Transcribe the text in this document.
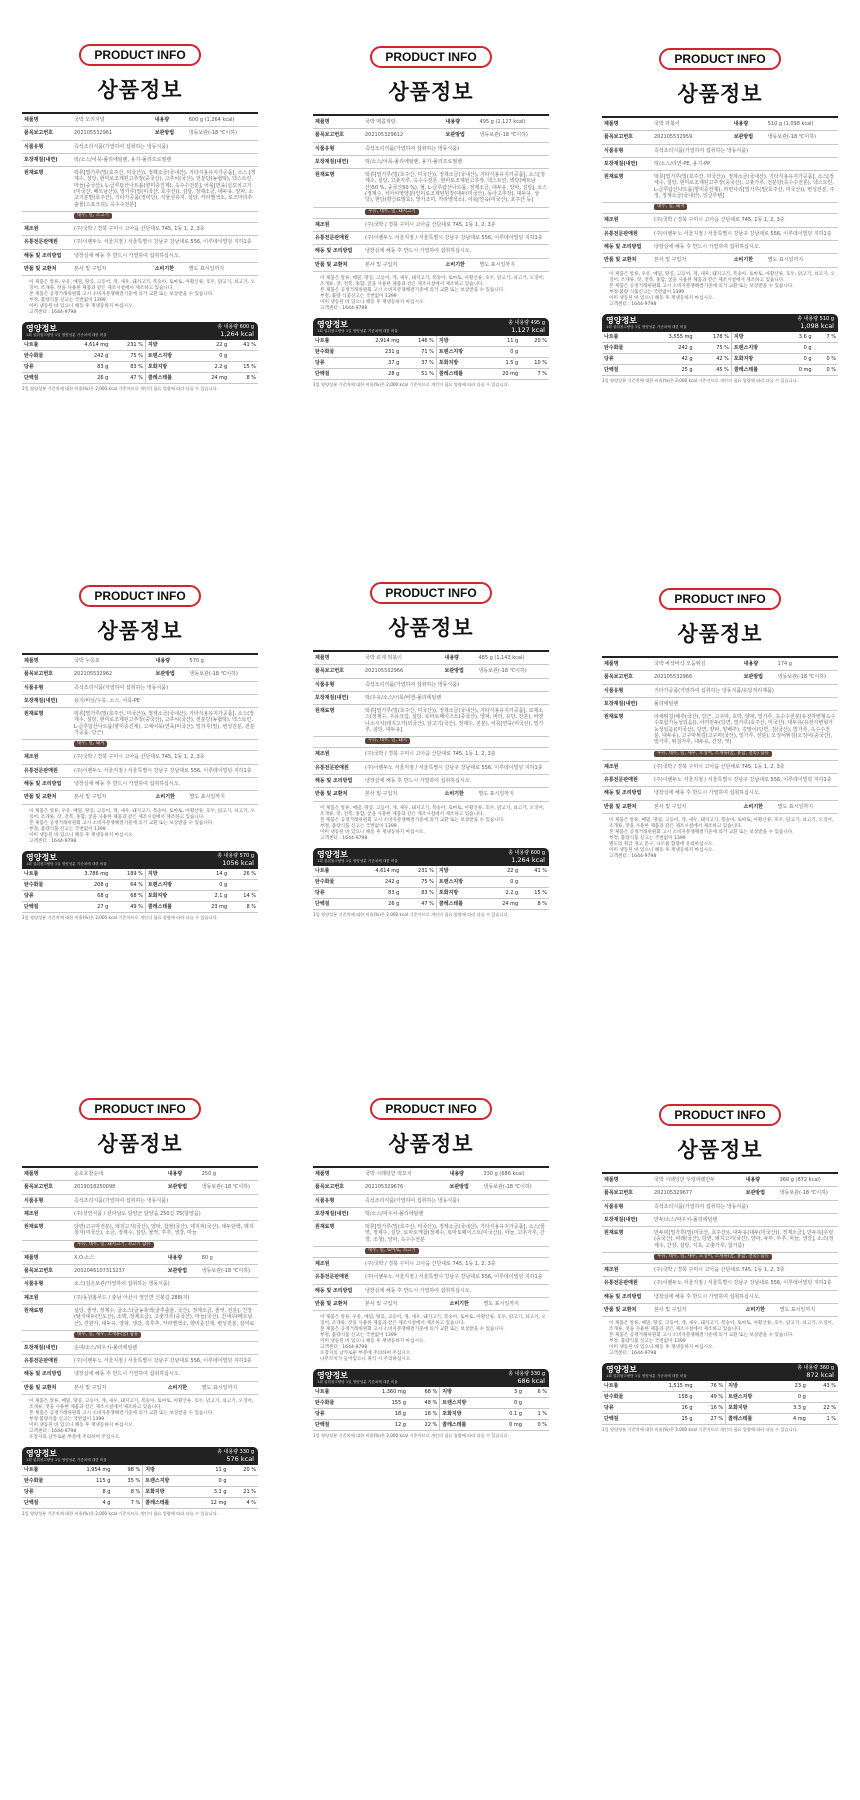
PRODUCT INFO
상품정보
제품명	국박 오리지널	내용량	600 g (1,264 kcal)
품목보고번호	202105532961	보관방법	냉동보관(-18 ℃이하)
식품유형	즉석조리식품(가열하여 섭취하는 냉동식품)		
포장재질(내면)	떡/소스/어묵-폴리에틸렌, 용기-폴리프로필렌		
원재료명	떡류[밀가루(밀(호주산, 미국산)), 정제소금(국내산), 기타식용유지가공품], 소스 [정제수, 설탕, 현미로조제된고추장(중국산), 고추씨(국산), 전분당(농협떡), 덱스트린, 마늘(중국산), L-글루탐산나트륨(향미증진제), 옥수수전분], 어묵[연육(실꼬치고기(미국산, 베트남산)), 밀가루(밀(미국산, 호주산)), 설탕, 정제소금, 대두유, 양파, 소고기분말(호주산), 기타가공품(정미당), 식물성유지, 설탕, 카라멜색소, 로즈마리추출물(스포크리), 옥수수전분]		
	대두, 밀, 소고기		
제조원	(주)국박 / 경북 구미시 고아읍 산단대로 745, 1동 1, 2, 3층		
유통전문판매원	(주)이렌두노 서울지점 / 서울특별시 강남구 강남대로 556, 이루데이빌딩 지하1층		
해동 및 조리방법	냉장실에 해동 후 반드시 가열하여 섭취하십시오.		
반품 및 교환처	본사 및 구입처	소비기한	별도 표시일까지
• 이 제품은 알류, 우유, 메밀, 땅콩, 고등어, 게, 새우, 돼지고기, 복숭아, 토마토, 아황산류, 호두, 닭고기, 쇠고기, 오징어, 조개류, 잣을 사용한 제품과 같은 제조시설에서 제조하고 있습니다.
• 본 제품은 공정거래위원회 고시 소비자분쟁해결기준에 의거 교환 또는 보상받을 수 있습니다.
• 부정, 불량식품 신고는 국번없이 1399
• 이미 냉동된 바 있으니 해동 후 재냉동하지 마십시오.
• 고객센터 : 1644-9798
영양정보
1회 섭취참고량당 1일 영양성분 기준치에 대한 비율
총 내용량 600 g
1,264 kcal
나트륨	4,614 mg	231 %	지방	22 g	41 %
탄수화물	242 g	75 %	트랜스지방	0 g	
당류	83 g	83 %	포화지방	2.2 g	15 %
단백질	26 g	47 %	콜레스테롤	24 mg	8 %
1일 영양성분 기준치에 대한 비율(%)은 2,000 kcal 기준이므로 개인의 필요 열량에 따라 다를 수 있습니다.
PRODUCT INFO
상품정보
제품명	국박 매콤제랑	내용량	495 g (1,127 kcal)
품목보고번호	202105329612	보관방법	냉동보관(-18 ℃이하)
식품유형	즉석조리식품(가열하여 섭취하는 냉동식품)		
포장재질(내면)	떡/소스/어묵-폴리에틸렌, 용기-폴리프로필렌		
원재료명	떡류[밀가루(밀(호주산, 미국산)), 정제소금(국내산), 기타식용유지가공품], 소스[정제수, 설탕, 고춧가루, 옥수수전분, 현미로조제된고추장, 덱스트린, 벽당(배트남산)50 %, 중국산50 %), 혈, L-글루탐산나트륨, 정제소금, 대두유, 양파, 설탕], 소스(정제수, 치아씨영양분(인미로조제된된장(대두(미국산), 동아고추장), 대두유, 상당), 현당(향신료발효), 맛가조미, 카라멜색소), 어묵[연육(미국산), 호주산 등]		
	우유, 대두, 밀, 돼지고기		
제조원	(주)국박 / 경북 구미시 고아읍 산단대로 745, 1동 1, 2, 3층		
유통전문판매원	(주)이렌두노 서울지점 / 서울특별시 강남구 강남대로 556, 이루데이빌딩 지하1층		
해동 및 조리방법	냉장실에 해동 후 반드시 가열하여 섭취하십시오.		
반품 및 교환처	본사 및 구입처	소비기한	별도 표시일까지
• 이 제품은 알류, 메밀, 땅콩, 고등어, 게, 새우, 돼지고기, 복숭아, 토마토, 아황산류, 호두, 닭고기, 쇠고기, 오징어, 조개류, 잣, 전복, 홍합, 굴을 사용한 제품과 같은 제조시설에서 제조하고 있습니다.
• 본 제품은 공정거래위원회 고시 소비자분쟁해결기준에 의거 교환 또는 보상받을 수 있습니다.
• 부정, 불량 식품신고는 국번없이 1399
• 이미 냉동된 바 있으니 해동 후 재냉동하지 마십시오.
• 고객센터 : 1644-9798
영양정보
1회 섭취참고량당 1일 영양성분 기준치에 대한 비율
총 내용량 495 g
1,127 kcal
나트륨	2,914 mg	146 %	지방	11 g	20 %
탄수화물	231 g	71 %	트랜스지방	0 g	
당류	37 g	37 %	포화지방	1.5 g	10 %
단백질	28 g	51 %	콜레스테롤	20 mg	7 %
1일 영양성분 기준치에 대한 비율(%)은 2,000 kcal 기준이므로 개인의 필요 열량에 따라 다를 수 있습니다.
PRODUCT INFO
상품정보
제품명	국박 라볶이	내용량	510 g (1,098 kcal)
품목보고번호	202105532959	보관방법	냉동보관(-18 ℃이하)
식품유형	즉석조리식품(가열하여 섭취하는 냉동식품)		
포장재질(내면)	떡/소스/라면-PE, 용기-PP		
원재료명	떡류[밀가루(밀(호주산, 미국산)), 정제소금(국내산), 기타식용유지가공품], 소스[정제수, 설탕, 현미로조제된고추장(중국산), 고춧가루, 전분당(옥수수전분), 덱스트린, L-글루탐산나트륨(향미증진제), 라면사리[밀가루(밀(호주산, 미국산)), 변성전분, 주정, 정제소금(국내산), 일글루텐]		
	대두, 밀, 돼지		
제조원	(주)국박 / 경북 구미시 고아읍 산단대로 745, 1동 1, 2, 3층		
유통전문판매원	(주)이렌두노 서울지점 / 서울특별시 강남구 강남대로 556, 이루데이빌딩 지하1층		
해동 및 조리방법	냉장실에 해동 후 반드시 가열하여 섭취하십시오.		
반품 및 교환처	본사 및 구입처	소비기한	별도 표시일까지
• 이 제품은 알류, 우유, 메밀, 땅콩, 고등어, 게, 새우, 돼지고기, 복숭아, 토마토, 아황산류, 호두, 닭고기, 쇠고기, 오징어, 조개류, 잣, 전복, 홍합, 굴을 사용한 제품과 같은 제조시설에서 제조하고 있습니다.
• 본 제품은 공정거래위원회 고시 소비자분쟁해결기준에 의거 교환 또는 보상받을 수 있습니다.
• 부정·불량 식품신고는 국번없이 1399
• 이미 냉동된 바 있으니 해동 후 재냉동하지 마십시오.
• 고객센터 : 1644-9798
영양정보
1회 섭취참고량당 1일 영양성분 기준치에 대한 비율
총 내용량 510 g
1,098 kcal
나트륨	3,555 mg	178 %	지방	3.6 g	7 %
탄수화물	242 g	75 %	트랜스지방	0 g	
당류	42 g	42 %	포화지방	0 g	0 %
단백질	25 g	45 %	콜레스테롤	0 mg	0 %
1일 영양성분 기준치에 대한 비율(%)은 2,000 kcal 기준이므로 개인의 필요 열량에 따라 다를 수 있습니다.
PRODUCT INFO
상품정보
제품명	국박 누룽포	내용량	570 g
품목보고번호	202105532962	보관방법	냉동보관(-18 ℃이하)
식품유형	즉석조리식품(가열하여 섭취하는 냉동식품)		
포장재질(내면)	용기/비닐/누룽, 소스, 어묵-PE		
원재료명	떡류[밀가루(밀(호주산, 미국산)), 정제소금(국내산), 기타식용유지가공품], 소스(정제수, 설탕, 현미로조제된고추장(중국산), 고추씨(국산), 전분당(농협떡), 덱스트린, L-글루탐산나트륨(향미증진제), 고체어묵(연육(미국산), 밀가루(밀), 변성전분, 전분가공품, 당근)		
	대두, 밀, 돼지		
제조원	(주)국박 / 경북 구미시 고아읍 산단대로 745, 1동 1, 2, 3층		
유통전문판매원	(주)이렌두노 서울지점 / 서울특별시 강남구 강남대로 556, 이루데이빌딩 지하1층		
해동 및 조리방법	냉장실에 해동 후 반드시 가열하여 섭취하십시오.		
반품 및 교환처	본사 및 구입처	소비기한	별도 표시일까지
• 이 제품은 알류, 우유, 메밀, 땅콩, 고등어, 게, 새우, 돼지고기, 복숭아, 토마토, 아황산류, 호두, 닭고기, 쇠고기, 오징어, 조개류, 잣, 전복, 홍합, 굴을 사용한 제품과 같은 제조시설에서 제조하고 있습니다.
• 본 제품은 공정거래위원회 고시 소비자분쟁해결기준에 의거 교환 또는 보상받을 수 있습니다.
• 부정, 불량식품 신고는 국번없이 1399
• 이미 냉동된 바 있으니 해동 후 재냉동하지 마십시오.
• 고객센터 : 1644-9798
영양정보
1회 섭취참고량당 1일 영양성분 기준치에 대한 비율
총 내용량 570 g
1056 kcal
나트륨	3,786 mg	189 %	지방	14 g	26 %
탄수화물	208 g	64 %	트랜스지방	0 g	
당류	68 g	68 %	포화지방	2.1 g	14 %
단백질	27 g	49 %	콜레스테롤	23 mg	8 %
1일 영양성분 기준치에 대한 비율(%)은 2,000 kcal 기준이므로 개인의 필요 열량에 따라 다를 수 있습니다.
PRODUCT INFO
상품정보
제품명	국박 로제 떡볶이	내용량	485 g (1,143 kcal)
품목보고번호	202105532966	보관방법	냉동보관(-18 ℃이하)
식품유형	즉석조리식품(가열하여 섭취하는 냉동식품)		
포장재질(내면)	떡/우유/소스/어묵/비엔-폴리에틸렌		
원재료명	떡류[밀가루(밀(호주산, 미국산)), 정제소금(국내산), 기타식용유지가공품], 로제소스(정제수, 우유크림, 설탕, 토마토페이스트(중국산), 양파, 버터, 유당, 전분), 비엔나소시지(돼지고기(외국산), 닭고기(국산), 정제수, 전분), 어묵[연육(미국산), 밀가루, 설탕, 대두유]		
	우유, 대두, 밀, 돼지		
제조원	(주)국박 / 경북 구미시 고아읍 산단대로 745, 1동 1, 2, 3층		
유통전문판매원	(주)이렌두노 서울지점 / 서울특별시 강남구 강남대로 556, 이루데이빌딩 지하1층		
해동 및 조리방법	냉장실에 해동 후 반드시 가열하여 섭취하십시오.		
반품 및 교환처	본사 및 구입처	소비기한	별도 표시일까지
• 이 제품은 알류, 메밀, 땅콩, 고등어, 게, 새우, 돼지고기, 복숭아, 토마토, 아황산류, 호두, 닭고기, 쇠고기, 오징어, 조개류, 잣, 전복, 홍합, 굴을 사용한 제품과 같은 제조시설에서 제조하고 있습니다.
• 본 제품은 공정거래위원회 고시 소비자분쟁해결기준에 의거 교환 또는 보상받을 수 있습니다.
• 부정, 불량식품 신고는 국번없이 1399
• 이미 냉동된 바 있으니 해동 후 재냉동하지 마십시오.
• 고객센터 : 1644-9798
영양정보
1회 섭취참고량당 1일 영양성분 기준치에 대한 비율
총 내용량 600 g
1,264 kcal
나트륨	4,614 mg	231 %	지방	22 g	41 %
탄수화물	242 g	75 %	트랜스지방	0 g	
당류	83 g	83 %	포화지방	2.2 g	15 %
단백질	26 g	47 %	콜레스테롤	24 mg	8 %
1일 영양성분 기준치에 대한 비율(%)은 2,000 kcal 기준이므로 개인의 필요 열량에 따라 다를 수 있습니다.
PRODUCT INFO
상품정보
제품명	국박 바삭바삭 모둠튀김	내용량	174 g
품목보고번호	202105532966	보관방법	냉동보관(-18 ℃이하)
식품유형	기타가공품(가열하여 섭취하는 냉동식품/유탕처리제품)		
포장재질(내면)	폴리에틸렌		
원재료명	야채튀김(배추(국산), 당근, 고구마, 호박, 양파, 밀가루, 옥수수전분(유전자변형옥수수포함가능성있음)), 야끼만두(당면, 밀가루(호주산, 미국산), 대두유(유전자변형가능성있음)(미국산), 당면, 양파, 양배추), 김말이(당면, 김(국산), 밀가루, 옥수수전분, 대두유), 고구마튀김(고구마(국산), 밀가루, 전분), 오징어튀김(오징어(중국산), 밀가루, 튀김가루, 대두유, 간장, 엿)		
	우유, 대두, 밀, 새우, 오징어, 조개류(굴, 홍합, 전복) 함유		
제조원	(주)국박 / 경북 구미시 고아읍 산단대로 745, 1동 1, 2, 3층		
유통전문판매원	(주)이렌두노 서울지점 / 서울특별시 강남구 강남대로 556, 이루데이빌딩 지하1층		
해동 및 조리방법	냉장실에 해동 후 반드시 가열하여 섭취하십시오.		
반품 및 교환처	본사 및 구입처	소비기한	별도 표시일까지
• 이 제품은 알류, 메밀, 땅콩, 고등어, 게, 새우, 돼지고기, 복숭아, 토마토, 아황산류, 호두, 닭고기, 쇠고기, 오징어, 조개류, 잣을 사용한 제품과 같은 제조시설에서 제조하고 있습니다.
• 본 제품은 공정거래위원회 고시 소비자분쟁해결기준에 의거 교환 또는 보상받을 수 있습니다.
• 부정, 불량식품 신고는 국번없이 1399
• 별도의 취급 경고 문구, 나트륨 함량에 유의하십시오.
• 이미 냉동된 바 있으니 해동 후 재냉동하지 마십시오.
• 고객센터 : 1644-9798
PRODUCT INFO
상품정보
제품명	순호호찰순대	내용량	250 g
품목보고번호	2019018250098	보관방법	냉동보관(-18 ℃이하)
식품유형	즉석조리식품(가열하여 섭취하는 냉동식품)		
제조원	(주)성연식품 / 전라남도 담양군 담양읍 250길 75(담양읍)		
원재료명	당면(고구마전분), 돼지고기(국산), 양파, 찹쌀(국산), 돼지피(국산), 대두단백, 돼지창자(미국산), 소금, 정제수, 설탕, 물엿, 후추, 생강, 마늘		
	우유, 대두, 밀, 돼지고기, 쇠고기 함유		
제품명	X.O.소스	내용량	80 g
품목보고번호	2002046107313237	보관방법	냉동보관(-18 ℃이하)
식품유형	소스(실온보관/가열하여 섭취하는 냉동식품)		
제조원	(주)동원홈푸드 / 충남 아산시 영인면 신봉길 288(지)		
원재료명	설탕, 물엿, 정제수, 굴소스(굴농축액(굴추출물, 국산), 정제소금, 물엿, 전분), 간장(탈지대두(인도산), 소맥, 정제소금), 고춧가루(중국산), 마늘(국산), 건새우(베트남산), 건관자, 대두유, 양파, 생강, 흑후추, 카라멜색소, 향미증진제, 변성전분, 감미료		
	대두, 밀, 새우, 조개류(굴) 함유		
포장재질(내면)	순대/소스/파우치-폴리에틸렌		
유통전문판매원	(주)이렌두노 서울지점 / 서울특별시 강남구 강남대로 556, 이루데이빌딩 지하1층		
해동 및 조리방법	냉장실에 해동 후 반드시 가열하여 섭취하십시오.		
반품 및 교환처	본사 및 구입처	소비기한	별도 표시일까지
• 이 제품은 알류, 메밀, 땅콩, 고등어, 게, 새우, 돼지고기, 복숭아, 토마토, 아황산류, 호두, 닭고기, 쇠고기, 오징어, 조개류, 잣을 사용한 제품과 같은 제조시설에서 제조하고 있습니다.
• 본 제품은 공정거래위원회 고시 소비자분쟁해결기준에 의거 교환 또는 보상받을 수 있습니다.
• 부정 불량식품 신고는 국번없이 1399
• 이미 냉동된 바 있으니 해동 후 재냉동하지 마십시오.
• 고객센터 : 1644-9798
• 포장지의 날카로운 부분에 주의하여 주십시오.
영양정보
1회 섭취참고량당 1일 영양성분 기준치에 대한 비율
총 내용량 330 g
576 kcal
나트륨	1,954 mg	98 %	지방	11 g	20 %
탄수화물	115 g	35 %	트랜스지방	0 g	
당류	8 g	8 %	포화지방	3.1 g	21 %
단백질	4 g	7 %	콜레스테롤	12 mg	4 %
1일 영양성분 기준치에 대한 비율(%)은 2,000 kcal 기준이므로 개인의 필요 열량에 따라 다를 수 있습니다.
PRODUCT INFO
상품정보
제품명	국박 시래딩만 떡꼬치	내용량	330 g (686 kcal)
품목보고번호	202105329676	보관방법	냉동보관(-18 ℃이하)
식품유형	즉석조리식품(가열하여 섭취하는 냉동식품)		
포장재질(내면)	떡/소스/파우치-폴리에틸렌		
원재료명	떡류[밀가루(밀(호주산, 미국산)), 정제소금(국내산), 기타식용유지가공품], 소스(물엿, 정제수, 설탕, 토마토케찹(정제수, 토마토페이스트(미국산)), 마늘, 고추가루, 간장, 조청), 양파, 옥수수전분		
	대두, 밀, 토마토, 쇠고기		
제조원	(주)국박 / 경북 구미시 고아읍 산단대로 745, 1동 1, 2, 3층		
유통전문판매원	(주)이렌두노 서울지점 / 서울특별시 강남구 강남대로 556, 이루데이빌딩 지하1층		
해동 및 조리방법	냉장실에 해동 후 반드시 가열하여 섭취하십시오.		
반품 및 교환처	본사 및 구입처	소비기한	별도 표시일까지
• 이 제품은 알류, 우유, 메밀, 땅콩, 고등어, 게, 새우, 돼지고기, 복숭아, 토마토, 아황산류, 호두, 닭고기, 쇠고기, 오징어, 조개류, 잣을 사용한 제품과 같은 제조시설에서 제조하고 있습니다.
• 본 제품은 공정거래위원회 고시 소비자분쟁해결기준에 의거 교환 또는 보상받을 수 있습니다.
• 부정, 불량식품 신고는 국번없이 1399
• 이미 냉동된 바 있으니 해동 후 재냉동하지 마십시오.
• 고객센터 : 1644-9798
• 포장지의 날카로운 부분에 주의하여 주십시오.
• 나무꼬치가 들어있으니 취식 시 주의하십시오.
영양정보
1회 섭취참고량당 1일 영양성분 기준치에 대한 비율
총 내용량 330 g
686 kcal
나트륨	1,360 mg	68 %	지방	3 g	6 %
탄수화물	155 g	48 %	트랜스지방	0 g	
당류	18 g	18 %	포화지방	0.1 g	1 %
단백질	12 g	22 %	콜레스테롤	0 mg	0 %
1일 영양성분 기준치에 대한 비율(%)은 2,000 kcal 기준이므로 개인의 필요 열량에 따라 다를 수 있습니다.
PRODUCT INFO
상품정보
제품명	국박 시래딩만 우렁파래만두	내용량	360 g (872 kcal)
품목보고번호	202105329677	보관방법	냉동보관(-18 ℃이하)
식품유형	즉석조리식품(가열하여 섭취하는 냉동식품)		
포장재질(내면)	만두/소스/파우치-폴리에틸렌		
원재료명	만두피[밀가루(밀(미국산, 호주산)), 대두유(대두(미국산)), 정제소금], 만두속[우렁(중국산), 파래(국산), 당면, 돼지고기(국산), 양파, 두부, 부추, 마늘, 생강], 소스(정제수, 간장, 설탕, 식초, 고춧가루, 참기름)		
	우유, 대두, 밀, 새우, 오징어, 조개류(굴, 홍합, 전복) 함유		
제조원	(주)국박 / 경북 구미시 고아읍 산단대로 745, 1동 1, 2, 3층		
유통전문판매원	(주)이렌두노 서울지점 / 서울특별시 강남구 강남대로 556, 이루데이빌딩 지하1층		
해동 및 조리방법	냉장실에 해동 후 반드시 가열하여 섭취하십시오.		
반품 및 교환처	본사 및 구입처	소비기한	별도 표시일까지
• 이 제품은 알류, 메밀, 땅콩, 고등어, 게, 새우, 돼지고기, 복숭아, 토마토, 아황산류, 호두, 닭고기, 쇠고기, 오징어, 조개류, 잣을 사용한 제품과 같은 제조시설에서 제조하고 있습니다.
• 본 제품은 공정거래위원회 고시 소비자분쟁해결기준에 의거 교환 또는 보상받을 수 있습니다.
• 부정, 불량식품 신고는 국번없이 1399
• 이미 냉동된 바 있으니 해동 후 재냉동하지 마십시오.
• 고객센터 : 1644-9798
영양정보
1회 섭취참고량당 1일 영양성분 기준치에 대한 비율
총 내용량 360 g
872 kcal
나트륨	1,515 mg	76 %	지방	23 g	43 %
탄수화물	158 g	49 %	트랜스지방	0 g	
당류	16 g	16 %	포화지방	3.3 g	22 %
단백질	15 g	27 %	콜레스테롤	4 mg	1 %
1일 영양성분 기준치에 대한 비율(%)은 2,000 kcal 기준이므로 개인의 필요 열량에 따라 다를 수 있습니다.
